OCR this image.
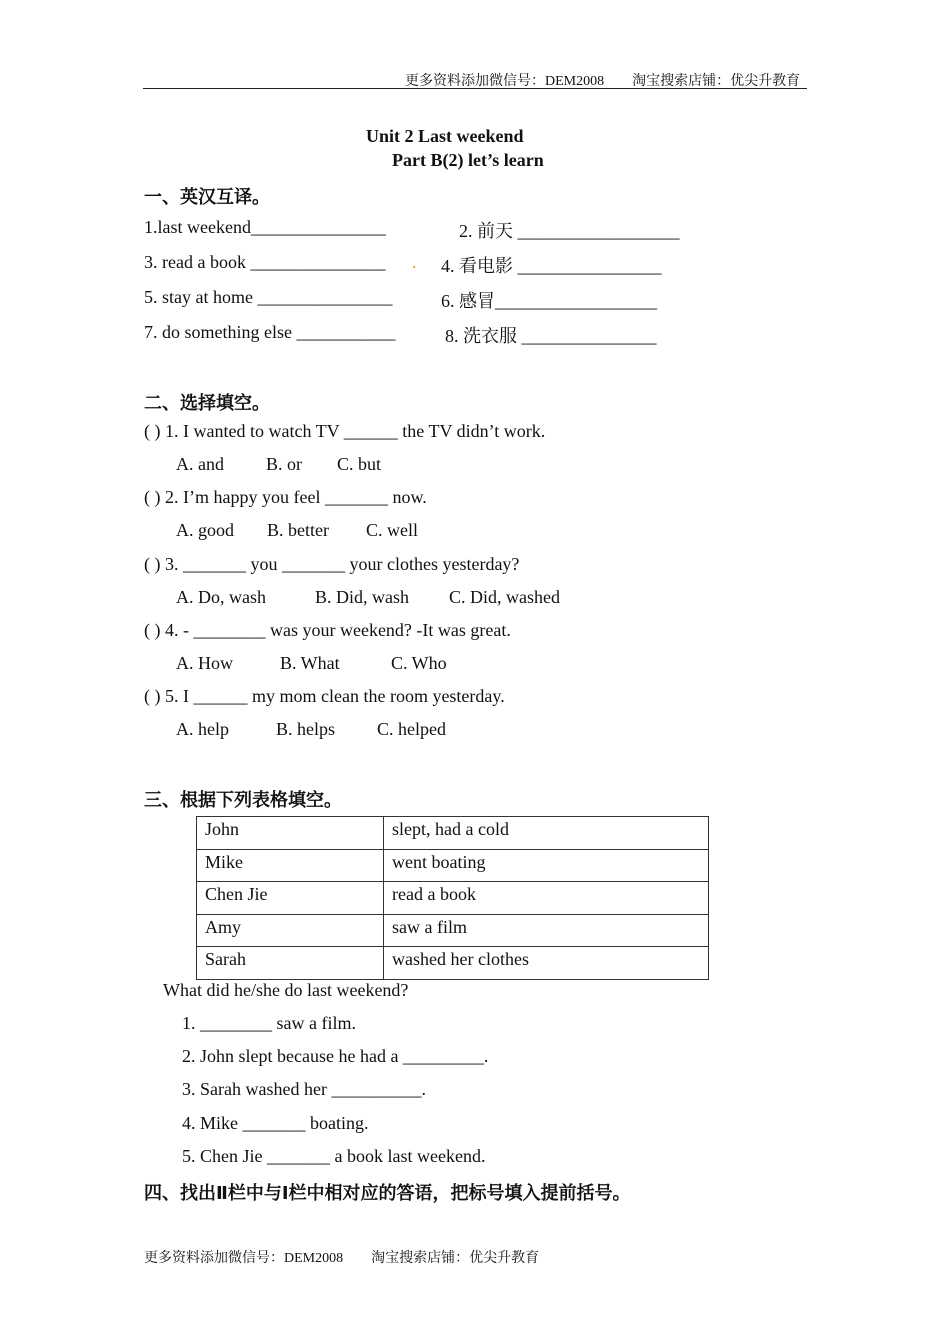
更多资料添加微信号：DEM2008　　淘宝搜索店铺：优尖升教育
Unit 2 Last weekend
Part B(2) let’s learn
一、英汉互译。
1.last weekend_______________	2. 前天 __________________
3. read a book _______________ . 4. 看电影 ________________
5. stay at home _______________	6. 感冒__________________
7. do something else ___________	8. 洗衣服 _______________
二、选择填空。
( ) 1. I wanted to watch TV ______ the TV didn’t work.
A. and B. or C. but
( ) 2. I’m happy you feel _______ now.
A. good B. better C. well
( ) 3. _______ you _______ your clothes yesterday?
A. Do, wash	B. Did, wash C. Did, washed
( ) 4. - ________ was your weekend? -It was great.
A. How	B. What	C. Who
( ) 5. I ______ my mom clean the room yesterday.
A. help	B. helps C. helped
三、根据下列表格填空。
John	slept, had a cold
Mike	went boating
Chen Jie	read a book
Amy	saw a film
Sarah	washed her clothes
What did he/she do last weekend?
1. ________ saw a film.
2. John slept because he had a _________.
3. Sarah washed her __________.
4. Mike _______ boating.
5. Chen Jie _______ a book last weekend.
四、找出Ⅱ栏中与Ⅰ栏中相对应的答语，把标号填入提前括号。
更多资料添加微信号：DEM2008　　淘宝搜索店铺：优尖升教育
